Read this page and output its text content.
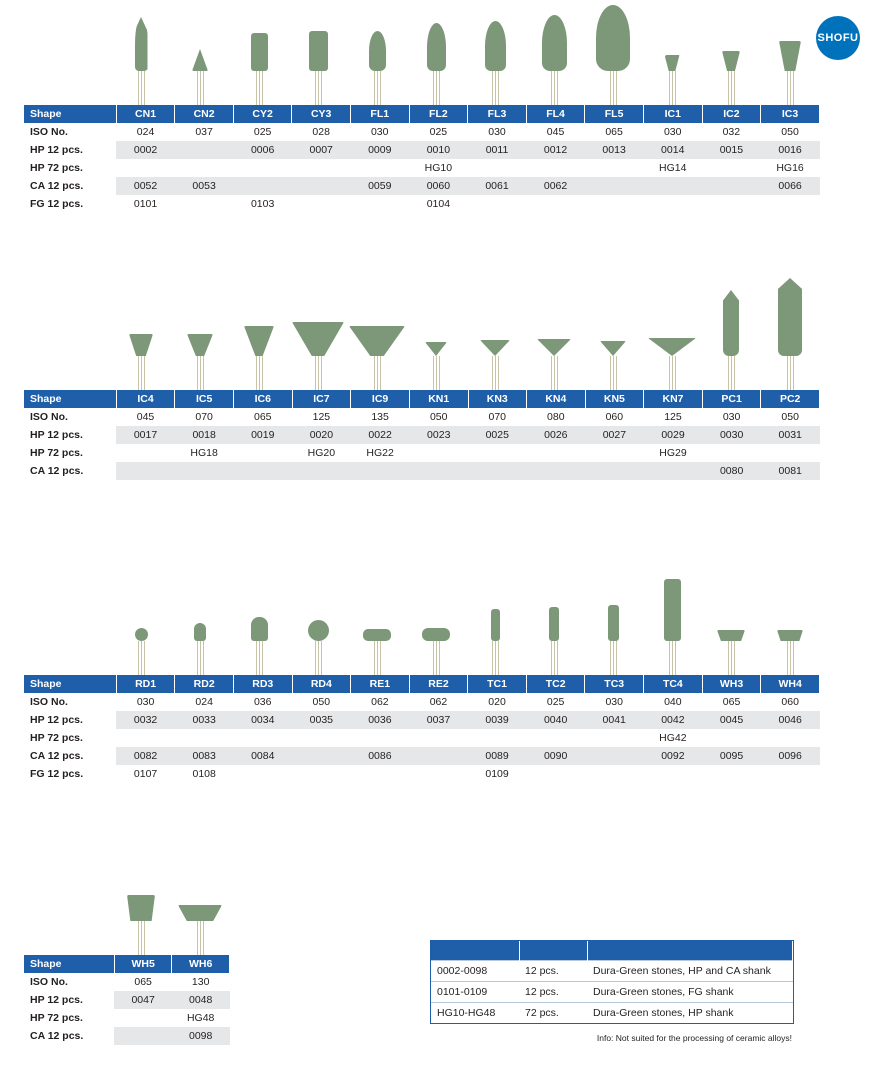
SHOFU
Shape	CN1	CN2	CY2	CY3	FL1	FL2	FL3	FL4	FL5	IC1	IC2	IC3
ISO No.	024	037	025	028	030	025	030	045	065	030	032	050
HP 12 pcs.	0002		0006	0007	0009	0010	0011	0012	0013	0014	0015	0016
HP 72 pcs.						HG10				HG14		HG16
CA 12 pcs.	0052	0053			0059	0060	0061	0062				0066
FG 12 pcs.	0101		0103			0104						
Shape	IC4	IC5	IC6	IC7	IC9	KN1	KN3	KN4	KN5	KN7	PC1	PC2
ISO No.	045	070	065	125	135	050	070	080	060	125	030	050
HP 12 pcs.	0017	0018	0019	0020	0022	0023	0025	0026	0027	0029	0030	0031
HP 72 pcs.		HG18		HG20	HG22					HG29		
CA 12 pcs.											0080	0081
Shape	RD1	RD2	RD3	RD4	RE1	RE2	TC1	TC2	TC3	TC4	WH3	WH4
ISO No.	030	024	036	050	062	062	020	025	030	040	065	060
HP 12 pcs.	0032	0033	0034	0035	0036	0037	0039	0040	0041	0042	0045	0046
HP 72 pcs.										HG42		
CA 12 pcs.	0082	0083	0084		0086		0089	0090		0092	0095	0096
FG 12 pcs.	0107	0108					0109					
Shape	WH5	WH6
ISO No.	065	130
HP 12 pcs.	0047	0048
HP 72 pcs.		HG48
CA 12 pcs.		0098
PN	Quantity	Product
0002-0098	12 pcs.	Dura-Green stones, HP and CA shank
0101-0109	12 pcs.	Dura-Green stones, FG shank
HG10-HG48	72 pcs.	Dura-Green stones, HP shank
Info: Not suited for the processing of ceramic alloys!
